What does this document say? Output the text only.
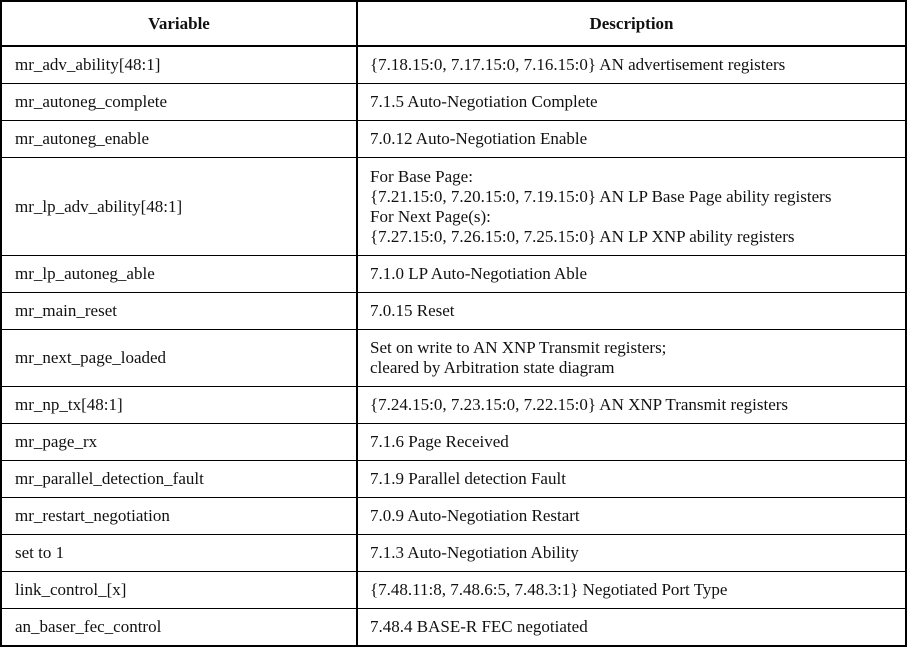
Variable	Description
mr_adv_ability[48:1]	{7.18.15:0, 7.17.15:0, 7.16.15:0} AN advertisement registers

mr_autoneg_complete	7.1.5 Auto-Negotiation Complete

mr_autoneg_enable	7.0.12 Auto-Negotiation Enable

mr_lp_adv_ability[48:1]	For Base Page:
{7.21.15:0, 7.20.15:0, 7.19.15:0} AN LP Base Page ability registers
For Next Page(s):
{7.27.15:0, 7.26.15:0, 7.25.15:0} AN LP XNP ability registers

mr_lp_autoneg_able	7.1.0 LP Auto-Negotiation Able

mr_main_reset	7.0.15 Reset

mr_next_page_loaded	Set on write to AN XNP Transmit registers;
cleared by Arbitration state diagram

mr_np_tx[48:1]	{7.24.15:0, 7.23.15:0, 7.22.15:0} AN XNP Transmit registers

mr_page_rx	7.1.6 Page Received

mr_parallel_detection_fault	7.1.9 Parallel detection Fault

mr_restart_negotiation	7.0.9 Auto-Negotiation Restart

set to 1	7.1.3 Auto-Negotiation Ability

link_control_[x]	{7.48.11:8, 7.48.6:5, 7.48.3:1} Negotiated Port Type

an_baser_fec_control	7.48.4 BASE-R FEC negotiated
